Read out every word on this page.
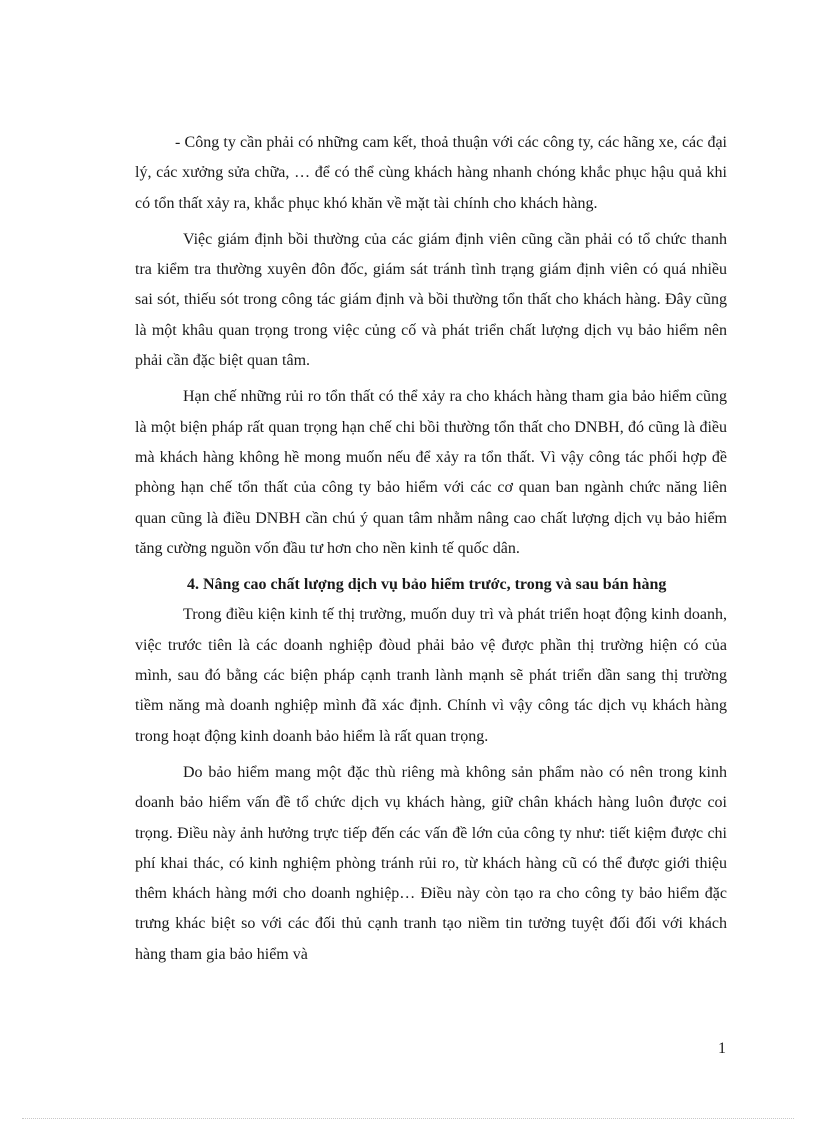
- Công ty cần phải có những cam kết, thoả thuận với các công ty, các hãng xe, các đại lý, các xưởng sửa chữa, … để có thể cùng khách hàng nhanh chóng khắc phục hậu quả khi có tổn thất xảy ra, khắc phục khó khăn về mặt tài chính cho khách hàng.

Việc giám định bồi thường của các giám định viên cũng cần phải có tổ chức thanh tra kiểm tra thường xuyên đôn đốc, giám sát tránh tình trạng giám định viên có quá nhiều sai sót, thiếu sót trong công tác giám định và bồi thường tổn thất cho khách hàng. Đây cũng là một khâu quan trọng trong việc củng cố và phát triển chất lượng dịch vụ bảo hiểm nên phải cần đặc biệt quan tâm.

Hạn chế những rủi ro tổn thất có thể xảy ra cho khách hàng tham gia bảo hiểm cũng là một biện pháp rất quan trọng hạn chế chi bồi thường tổn thất cho DNBH, đó cũng là điều mà khách hàng không hề mong muốn nếu để xảy ra tổn thất. Vì vậy công tác phối hợp đề phòng hạn chế tổn thất của công ty bảo hiểm với các cơ quan ban ngành chức năng liên quan cũng là điều DNBH cần chú ý quan tâm nhằm nâng cao chất lượng dịch vụ bảo hiểm tăng cường nguồn vốn đầu tư hơn cho nền kinh tế quốc dân.

4. Nâng cao chất lượng dịch vụ bảo hiểm trước, trong và sau bán hàng

Trong điều kiện kinh tế thị trường, muốn duy trì và phát triển hoạt động kinh doanh, việc trước tiên là các doanh nghiệp đòud phải bảo vệ được phần thị trường hiện có của mình, sau đó bằng các biện pháp cạnh tranh lành mạnh sẽ phát triển dần sang thị trường tiềm năng mà doanh nghiệp mình đã xác định. Chính vì vậy công tác dịch vụ khách hàng trong hoạt động kinh doanh bảo hiểm là rất quan trọng.

Do bảo hiểm mang một đặc thù riêng mà không sản phẩm nào có nên trong kinh doanh bảo hiểm vấn đề tổ chức dịch vụ khách hàng, giữ chân khách hàng luôn được coi trọng. Điều này ảnh hưởng trực tiếp đến các vấn đề lớn của công ty như: tiết kiệm được chi phí khai thác, có kinh nghiệm phòng tránh rủi ro, từ khách hàng cũ có thể được giới thiệu thêm khách hàng mới cho doanh nghiệp… Điều này còn tạo ra cho công ty bảo hiểm đặc trưng khác biệt so với các đối thủ cạnh tranh tạo niềm tin tưởng tuyệt đối đối với khách hàng tham gia bảo hiểm và

1
